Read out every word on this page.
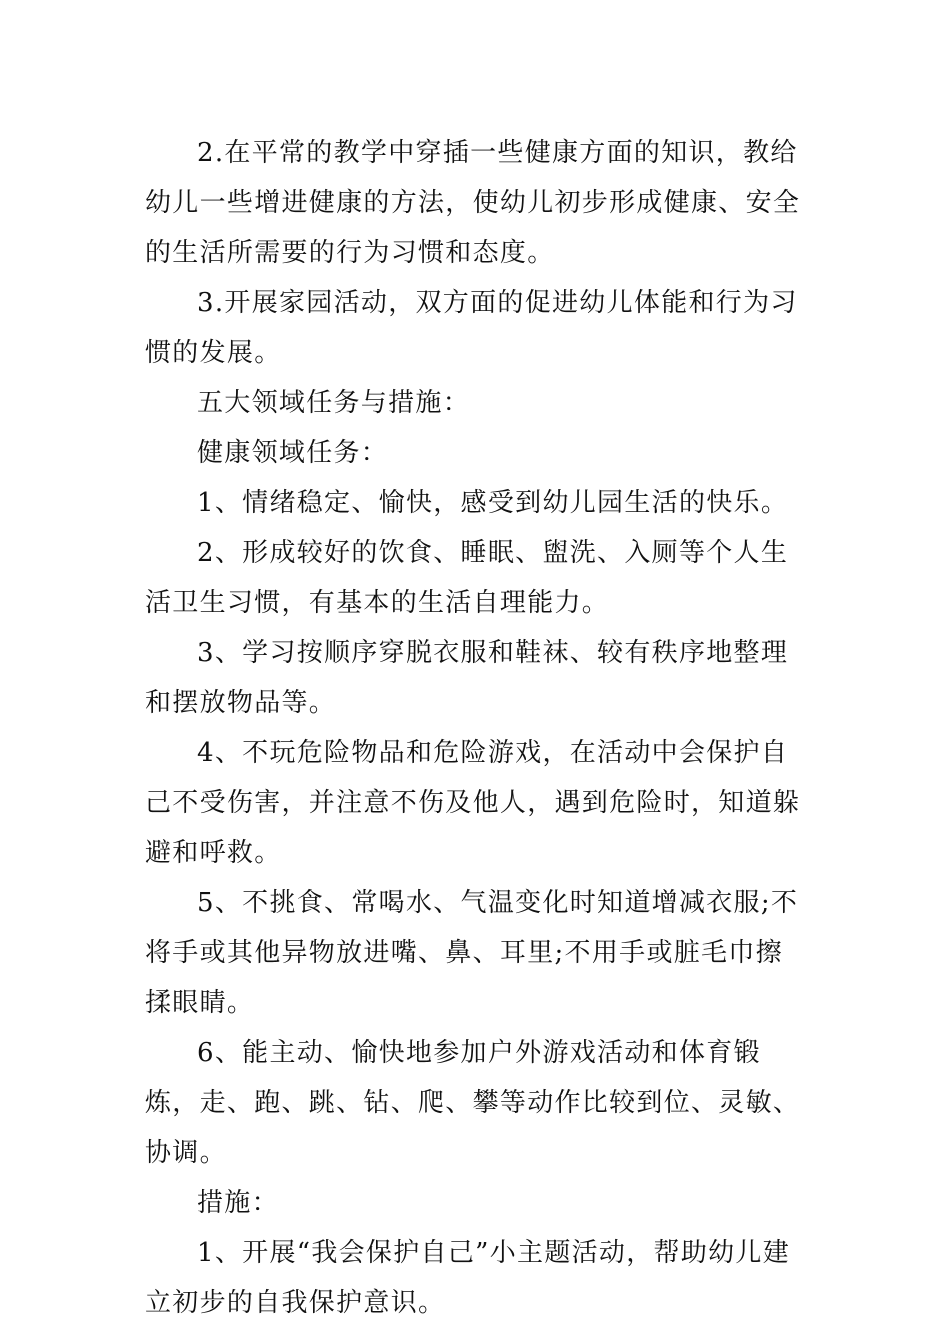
2.在平常的教学中穿插一些健康方面的知识，教给幼儿一些增进健康的方法，使幼儿初步形成健康、安全的生活所需要的行为习惯和态度。

3.开展家园活动，双方面的促进幼儿体能和行为习惯的发展。

五大领域任务与措施：

健康领域任务：

1、情绪稳定、愉快，感受到幼儿园生活的快乐。

2、形成较好的饮食、睡眠、盥洗、入厕等个人生活卫生习惯，有基本的生活自理能力。

3、学习按顺序穿脱衣服和鞋袜、较有秩序地整理和摆放物品等。

4、不玩危险物品和危险游戏，在活动中会保护自己不受伤害，并注意不伤及他人，遇到危险时，知道躲避和呼救。

5、不挑食、常喝水、气温变化时知道增减衣服;不将手或其他异物放进嘴、鼻、耳里;不用手或脏毛巾擦揉眼睛。

6、能主动、愉快地参加户外游戏活动和体育锻炼，走、跑、跳、钻、爬、攀等动作比较到位、灵敏、协调。

措施：

1、开展“我会保护自己”小主题活动，帮助幼儿建立初步的自我保护意识。
